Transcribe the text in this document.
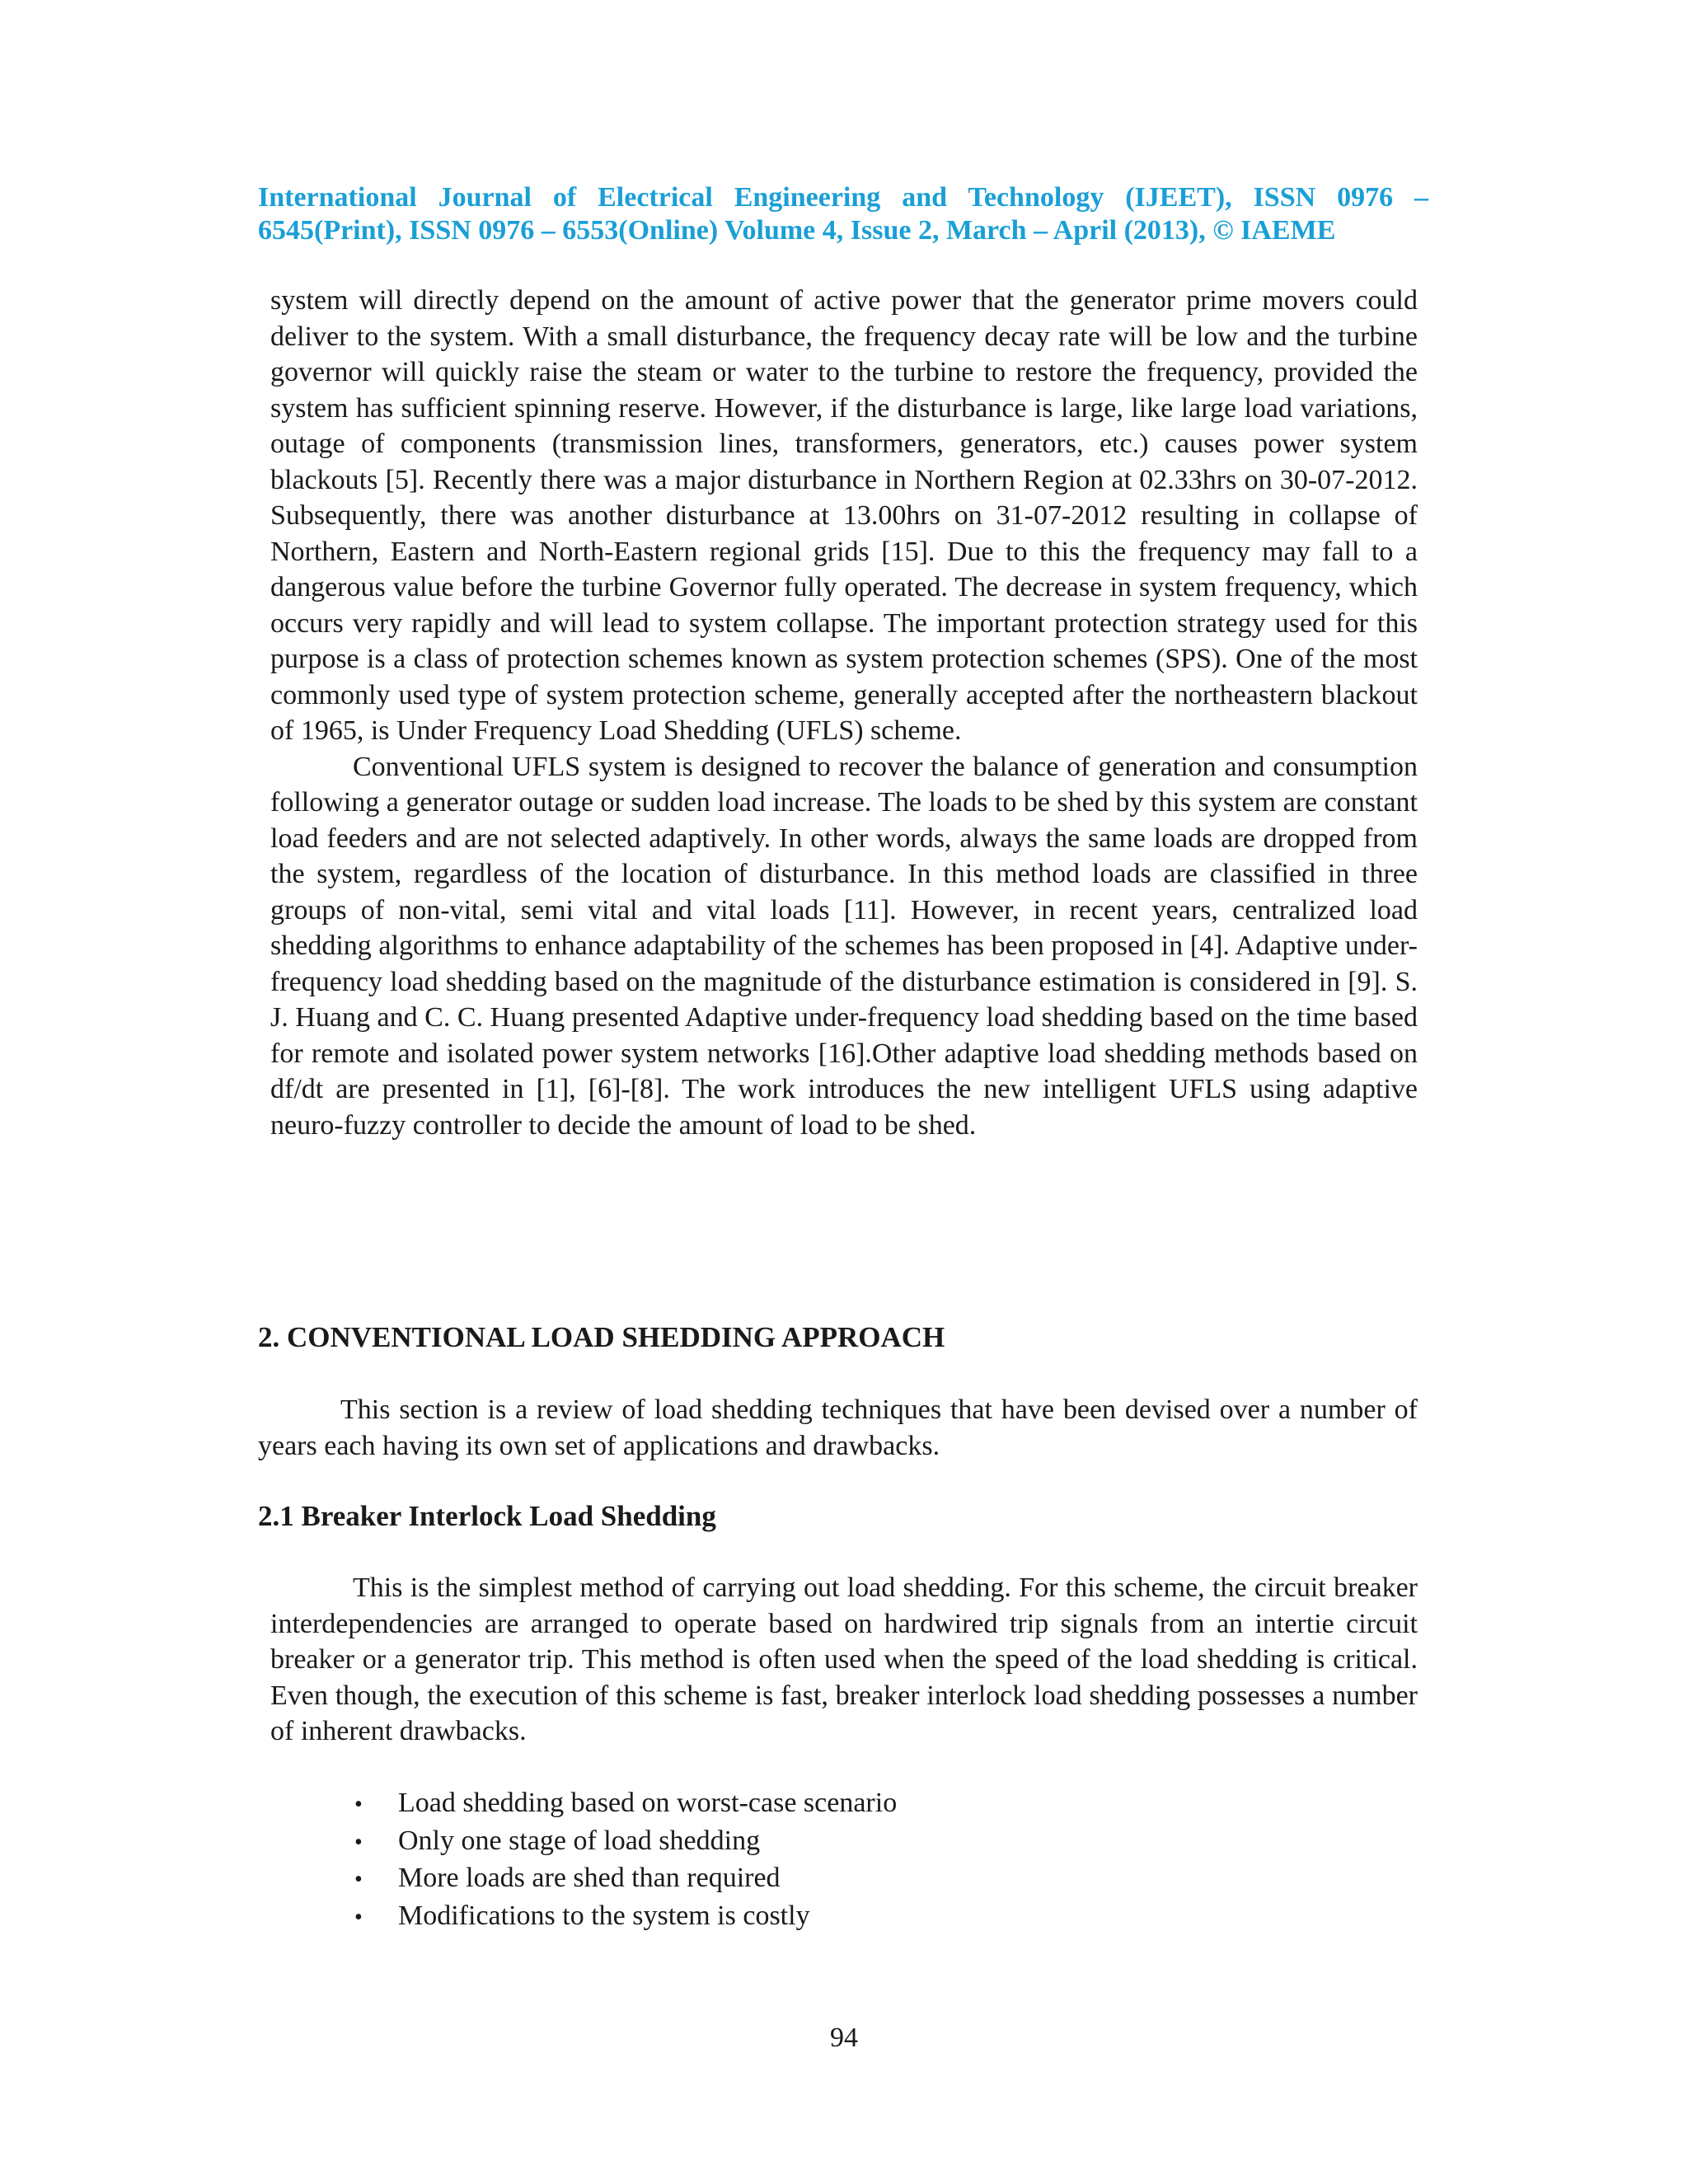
International Journal of Electrical Engineering and Technology (IJEET), ISSN 0976 – 6545(Print), ISSN 0976 – 6553(Online) Volume 4, Issue 2, March – April (2013), © IAEME

system will directly depend on the amount of active power that the generator prime movers could deliver to the system. With a small disturbance, the frequency decay rate will be low and the turbine governor will quickly raise the steam or water to the turbine to restore the frequency, provided the system has sufficient spinning reserve. However, if the disturbance is large, like large load variations, outage of components (transmission lines, transformers, generators, etc.) causes power system blackouts [5]. Recently there was a major disturbance in Northern Region at 02.33hrs on 30-07-2012. Subsequently, there was another disturbance at 13.00hrs on 31-07-2012 resulting in collapse of Northern, Eastern and North-Eastern regional grids [15]. Due to this the frequency may fall to a dangerous value before the turbine Governor fully operated. The decrease in system frequency, which occurs very rapidly and will lead to system collapse. The important protection strategy used for this purpose is a class of protection schemes known as system protection schemes (SPS). One of the most commonly used type of system protection scheme, generally accepted after the northeastern blackout of 1965, is Under Frequency Load Shedding (UFLS) scheme.

Conventional UFLS system is designed to recover the balance of generation and consumption following a generator outage or sudden load increase. The loads to be shed by this system are constant load feeders and are not selected adaptively. In other words, always the same loads are dropped from the system, regardless of the location of disturbance. In this method loads are classified in three groups of non-vital, semi vital and vital loads [11]. However, in recent years, centralized load shedding algorithms to enhance adaptability of the schemes has been proposed in [4]. Adaptive under-frequency load shedding based on the magnitude of the disturbance estimation is considered in [9]. S. J. Huang and C. C. Huang presented Adaptive under-frequency load shedding based on the time based for remote and isolated power system networks [16].Other adaptive load shedding methods based on df/dt are presented in [1], [6]-[8]. The work introduces the new intelligent UFLS using adaptive neuro-fuzzy controller to decide the amount of load to be shed.

2. CONVENTIONAL LOAD SHEDDING APPROACH

This section is a review of load shedding techniques that have been devised over a number of years each having its own set of applications and drawbacks.

2.1 Breaker Interlock Load Shedding

This is the simplest method of carrying out load shedding. For this scheme, the circuit breaker interdependencies are arranged to operate based on hardwired trip signals from an intertie circuit breaker or a generator trip. This method is often used when the speed of the load shedding is critical. Even though, the execution of this scheme is fast, breaker interlock load shedding possesses a number of inherent drawbacks.

•	Load shedding based on worst-case scenario
•	Only one stage of load shedding
•	More loads are shed than required
•	Modifications to the system is costly
94
